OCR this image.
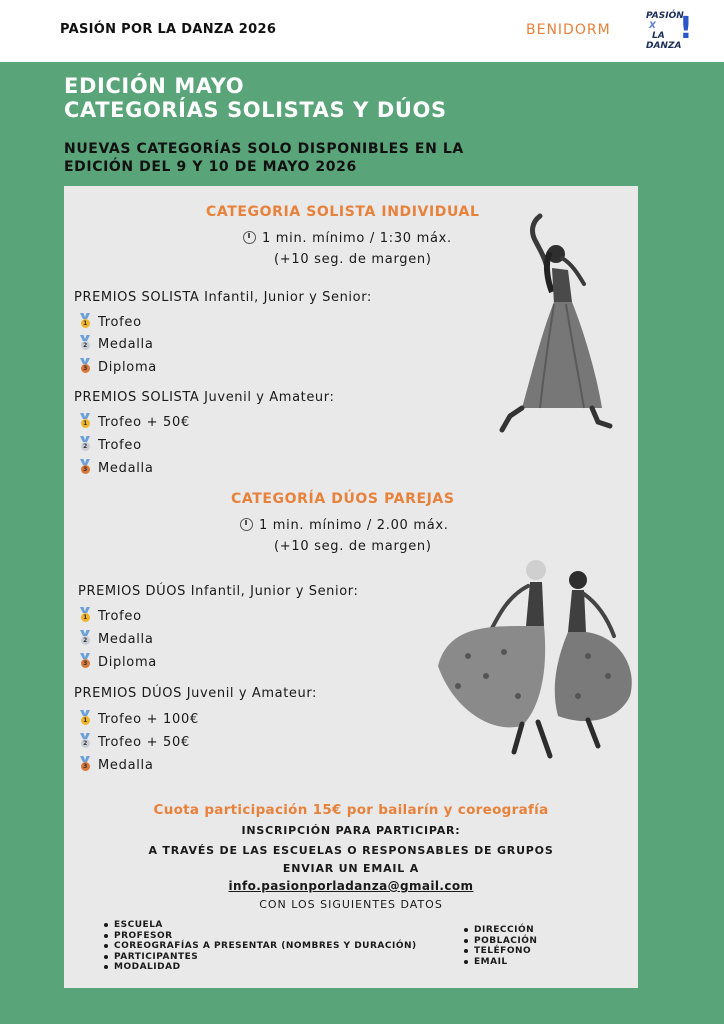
PASIÓN POR LA DANZA 2026	BENIDORM
PASIÓN
X
LA
DANZA
!
EDICIÓN MAYO
CATEGORÍAS SOLISTAS Y DÚOS
NUEVAS CATEGORÍAS SOLO DISPONIBLES EN LA
EDICIÓN DEL 9 Y 10 DE MAYO 2026
CATEGORIA SOLISTA INDIVIDUAL
1 min. mínimo / 1:30 máx.
(+10 seg. de margen)
PREMIOS SOLISTA Infantil, Junior y Senior:
1 Trofeo
2 Medalla
3 Diploma
PREMIOS SOLISTA Juvenil y Amateur:
1 Trofeo + 50€
2 Trofeo
3 Medalla
CATEGORÍA DÚOS PAREJAS
1 min. mínimo / 2.00 máx.
(+10 seg. de margen)
PREMIOS DÚOS Infantil, Junior y Senior:
1 Trofeo
2 Medalla
3 Diploma
PREMIOS DÚOS Juvenil y Amateur:
1 Trofeo + 100€
2 Trofeo + 50€
3 Medalla
Cuota participación 15€ por bailarín y coreografía
INSCRIPCIÓN PARA PARTICIPAR:
A TRAVÉS DE LAS ESCUELAS O RESPONSABLES DE GRUPOS
ENVIAR UN EMAIL A
info.pasionporladanza@gmail.com
CON LOS SIGUIENTES DATOS
ESCUELA
PROFESOR
COREOGRAFÍAS A PRESENTAR (NOMBRES Y DURACIÓN)
PARTICIPANTES
MODALIDAD
DIRECCIÓN
POBLACIÓN
TELÉFONO
EMAIL
